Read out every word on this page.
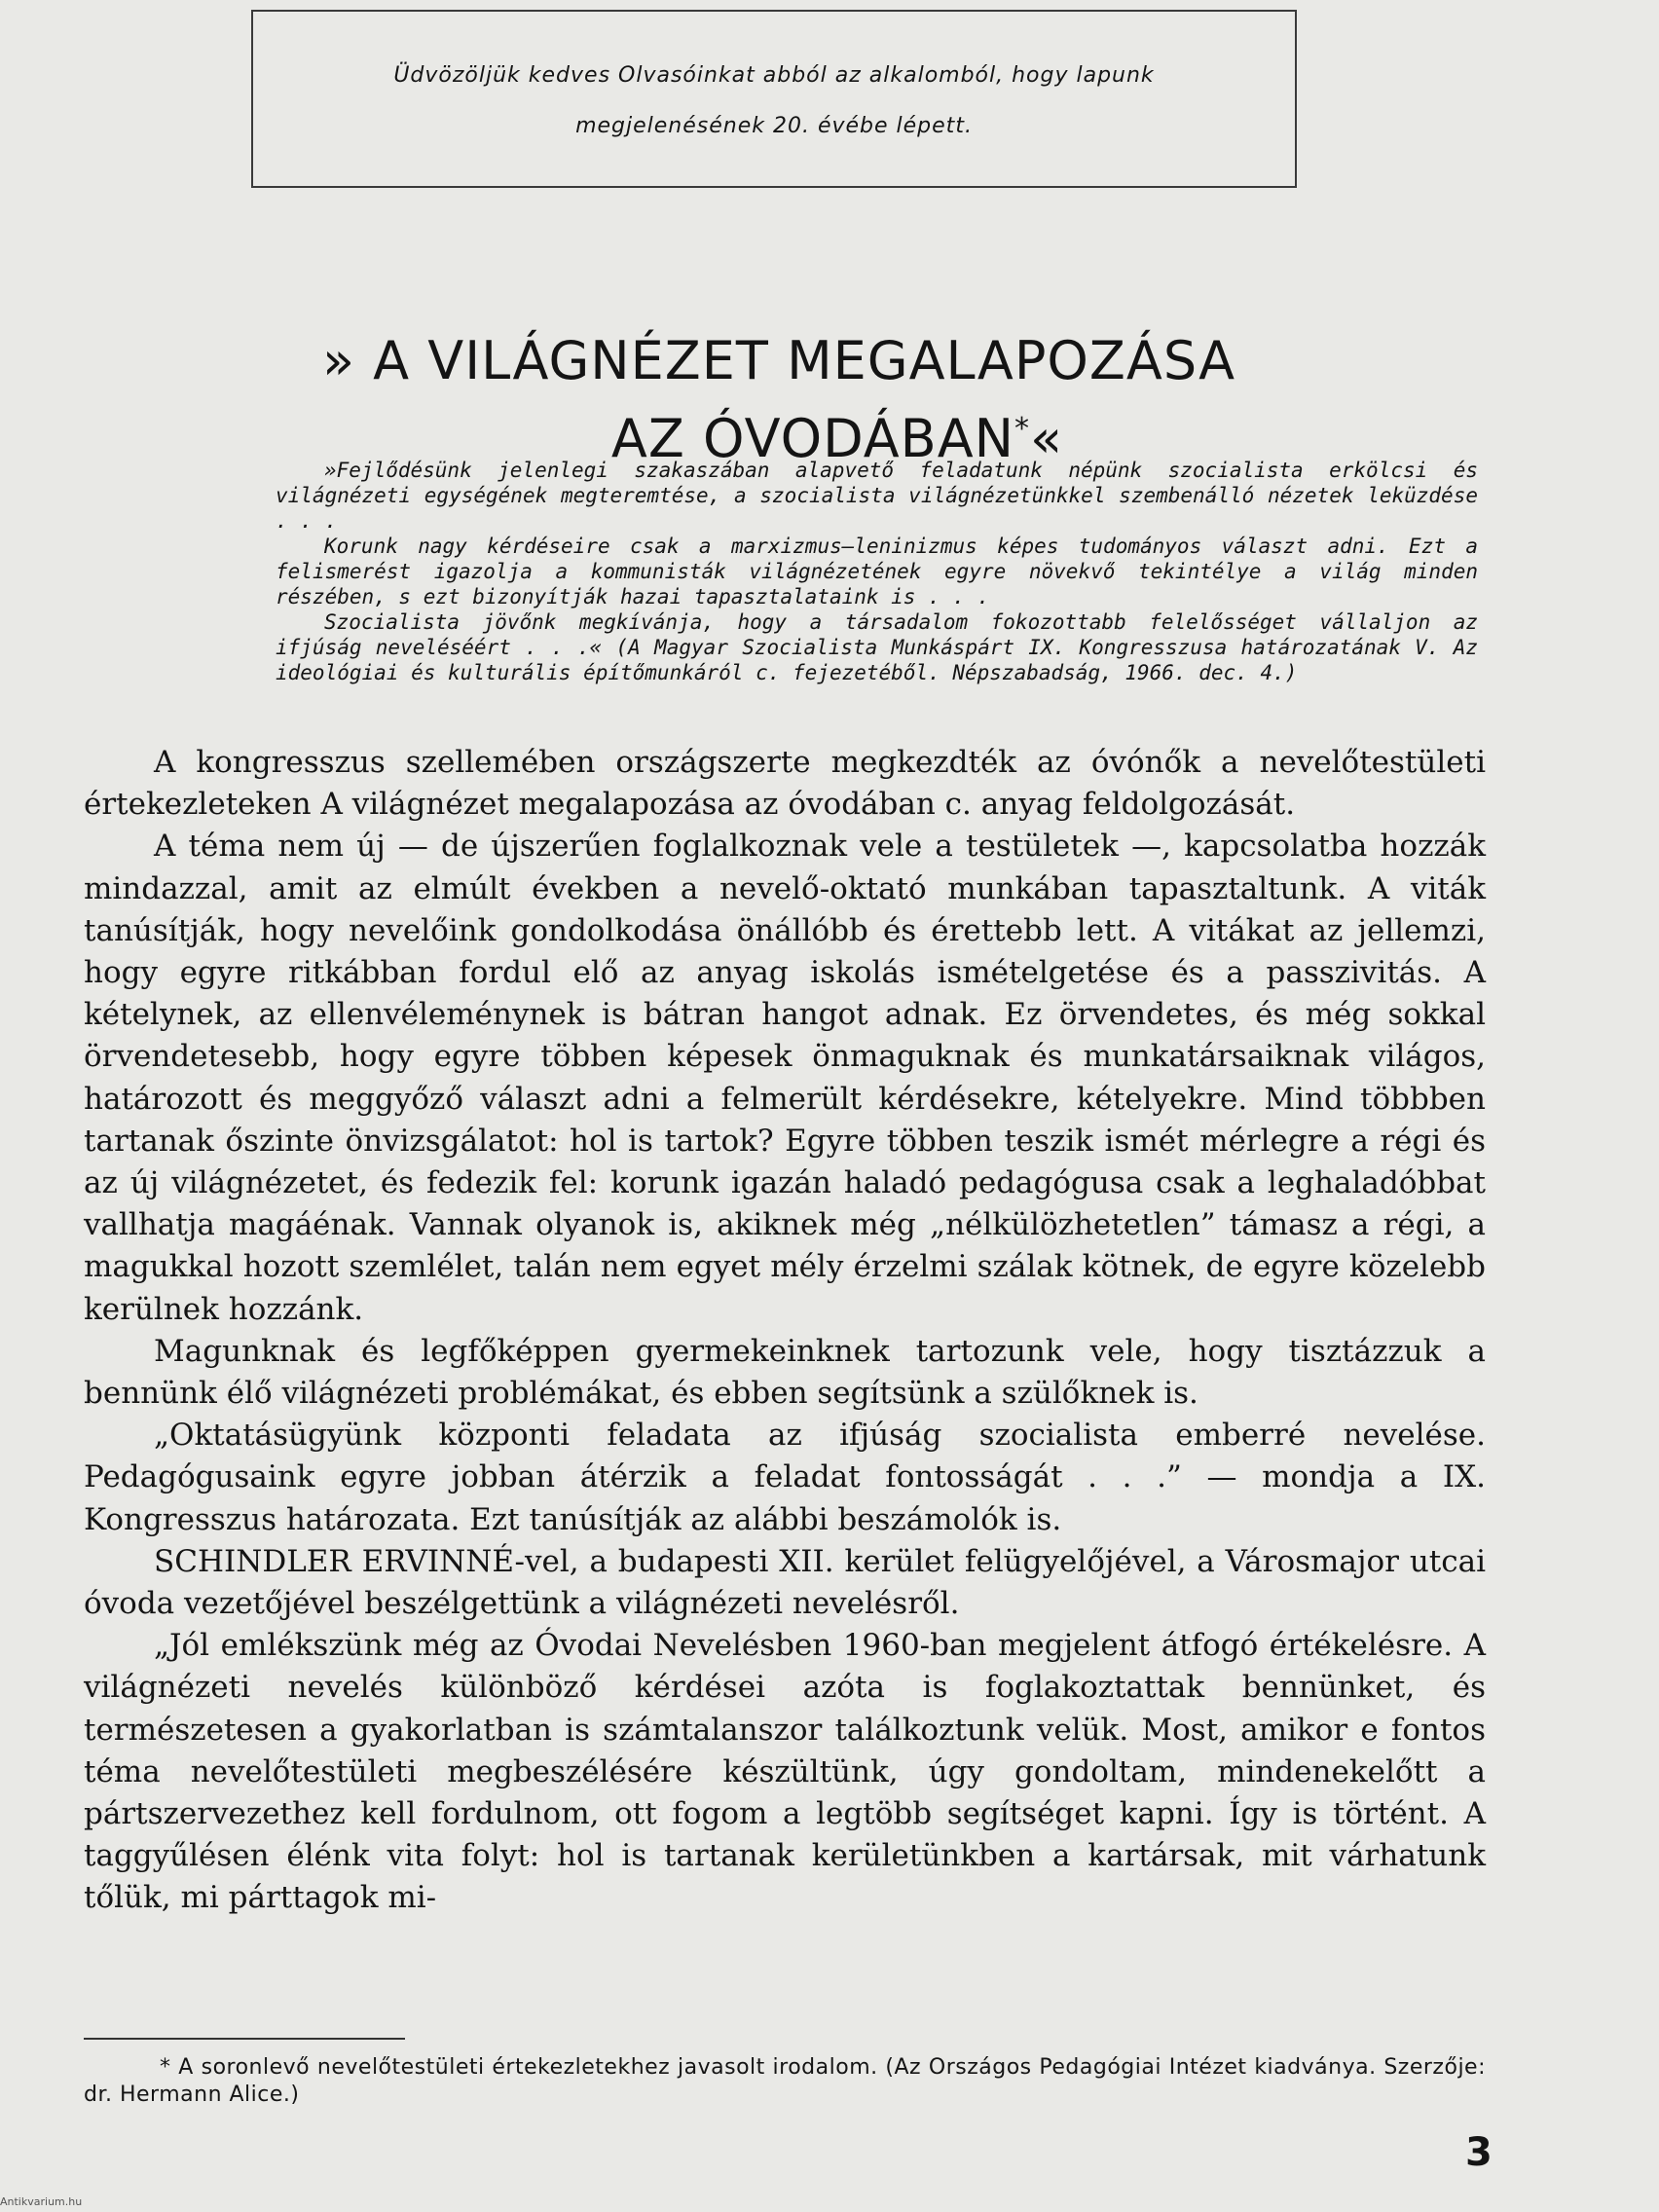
Üdvözöljük kedves Olvasóinkat abból az alkalomból, hogy lapunk
megjelenésének 20. évébe lépett.
» A VILÁGNÉZET MEGALAPOZÁSA
AZ ÓVODÁBAN*«

»Fejlődésünk jelenlegi szakaszában alapvető feladatunk népünk szocialista erkölcsi és világnézeti egységének megteremtése, a szocialista világnézetünkkel szembenálló nézetek leküzdése . . .

Korunk nagy kérdéseire csak a marxizmus—leninizmus képes tudományos választ adni. Ezt a felismerést igazolja a kommunisták világnézetének egyre növekvő tekintélye a világ minden részében, s ezt bizonyítják hazai tapasztalataink is . . .

Szocialista jövőnk megkívánja, hogy a társadalom fokozottabb felelősséget vállaljon az ifjúság neveléséért . . .« (A Magyar Szocialista Munkáspárt IX. Kongresszusa határozatának V. Az ideológiai és kulturális építőmunkáról c. fejezetéből. Népszabadság, 1966. dec. 4.)

A kongresszus szellemében országszerte megkezdték az óvónők a nevelőtestületi értekezleteken A világnézet megalapozása az óvodában c. anyag feldolgozását.

A téma nem új — de újszerűen foglalkoznak vele a testületek —, kapcsolatba hozzák mindazzal, amit az elmúlt években a nevelő-oktató munkában tapasztaltunk. A viták tanúsítják, hogy nevelőink gondolkodása önállóbb és érettebb lett. A vitákat az jellemzi, hogy egyre ritkábban fordul elő az anyag iskolás ismételgetése és a passzivitás. A kételynek, az ellenvéleménynek is bátran hangot adnak. Ez örvendetes, és még sokkal örvendetesebb, hogy egyre többen képesek önmaguknak és munkatársaiknak világos, határozott és meggyőző választ adni a felmerült kérdésekre, kételyekre. Mind többben tartanak őszinte önvizsgálatot: hol is tartok? Egyre többen teszik ismét mérlegre a régi és az új világnézetet, és fedezik fel: korunk igazán haladó pedagógusa csak a leghaladóbbat vallhatja magáénak. Vannak olyanok is, akiknek még „nélkülözhetetlen” támasz a régi, a magukkal hozott szemlélet, talán nem egyet mély érzelmi szálak kötnek, de egyre közelebb kerülnek hozzánk.

Magunknak és legfőképpen gyermekeinknek tartozunk vele, hogy tisztázzuk a bennünk élő világnézeti problémákat, és ebben segítsünk a szülőknek is.

„Oktatásügyünk központi feladata az ifjúság szocialista emberré nevelése. Pedagógusaink egyre jobban átérzik a feladat fontosságát . . .” — mondja a IX. Kongresszus határozata. Ezt tanúsítják az alábbi beszámolók is.

SCHINDLER ERVINNÉ-vel, a budapesti XII. kerület felügyelőjével, a Városmajor utcai óvoda vezetőjével beszélgettünk a világnézeti nevelésről.

„Jól emlékszünk még az Óvodai Nevelésben 1960-ban megjelent átfogó értékelésre. A világnézeti nevelés különböző kérdései azóta is foglakoztattak bennünket, és természetesen a gyakorlatban is számtalanszor találkoztunk velük. Most, amikor e fontos téma nevelőtestületi megbeszélésére készültünk, úgy gondoltam, mindenekelőtt a pártszervezethez kell fordulnom, ott fogom a legtöbb segítséget kapni. Így is történt. A taggyűlésen élénk vita folyt: hol is tartanak kerületünkben a kartársak, mit várhatunk tőlük, mi párttagok mi-

* A soronlevő nevelőtestületi értekezletekhez javasolt irodalom. (Az Országos Pedagógiai Intézet kiadványa. Szerzője: dr. Hermann Alice.)

3
Antikvarium.hu
